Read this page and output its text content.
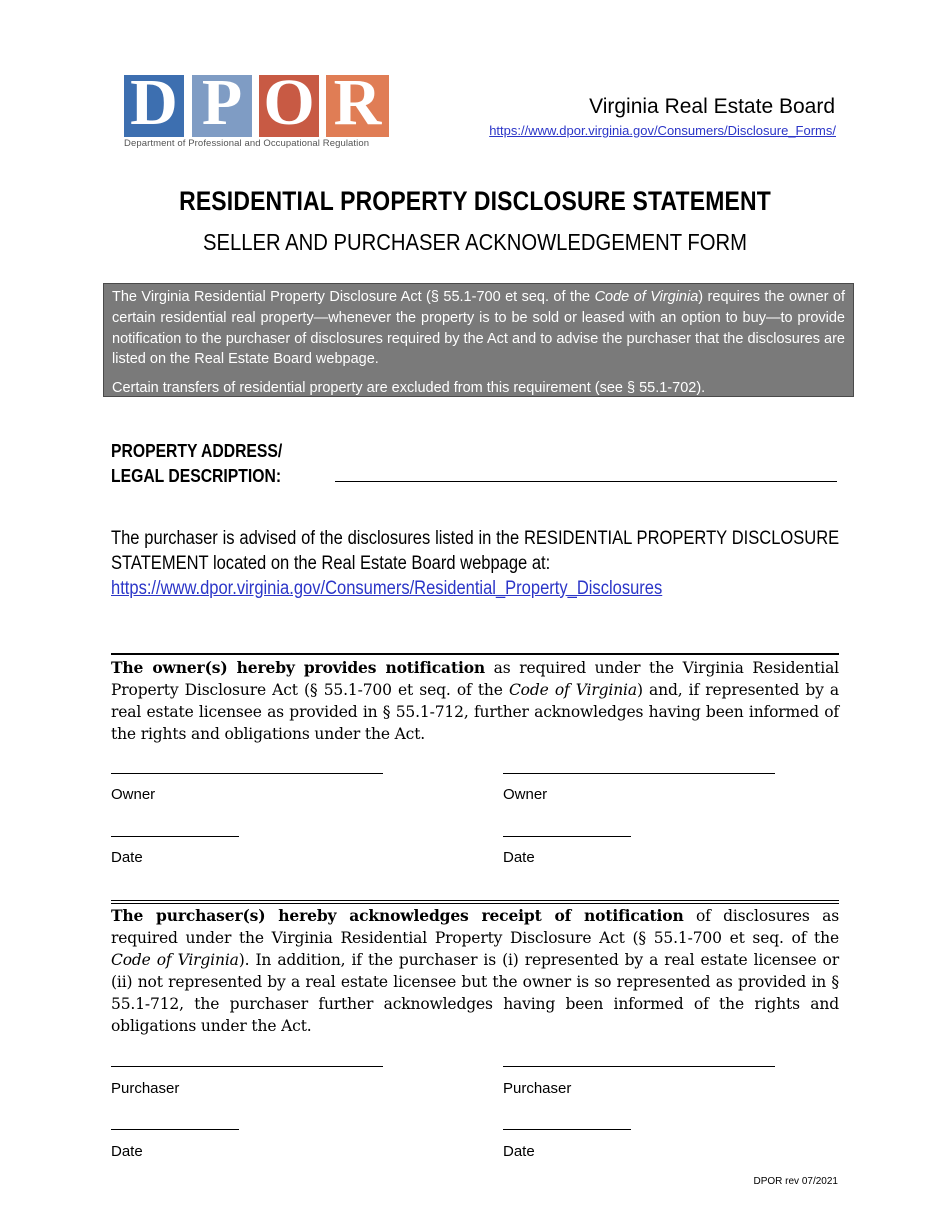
D P O R
Department of Professional and Occupational Regulation
Virginia Real Estate Board
https://www.dpor.virginia.gov/Consumers/Disclosure_Forms/
RESIDENTIAL PROPERTY DISCLOSURE STATEMENT
SELLER AND PURCHASER ACKNOWLEDGEMENT FORM

The Virginia Residential Property Disclosure Act (§ 55.1-700 et seq. of the Code of Virginia) requires the owner of certain residential real property—whenever the property is to be sold or leased with an option to buy—to provide notification to the purchaser of disclosures required by the Act and to advise the purchaser that the disclosures are listed on the Real Estate Board webpage.

Certain transfers of residential property are excluded from this requirement (see § 55.1-702).

PROPERTY ADDRESS/
LEGAL DESCRIPTION:
The purchaser is advised of the disclosures listed in the RESIDENTIAL PROPERTY DISCLOSURE STATEMENT located on the Real Estate Board webpage at:
https://www.dpor.virginia.gov/Consumers/Residential_Property_Disclosures
The owner(s) hereby provides notification as required under the Virginia Residential Property Disclosure Act (§ 55.1-700 et seq. of the Code of Virginia) and, if represented by a real estate licensee as provided in § 55.1-712, further acknowledges having been informed of the rights and obligations under the Act.
Owner	Owner
Date	Date
The purchaser(s) hereby acknowledges receipt of notification of disclosures as required under the Virginia Residential Property Disclosure Act (§ 55.1-700 et seq. of the Code of Virginia). In addition, if the purchaser is (i) represented by a real estate licensee or (ii) not represented by a real estate licensee but the owner is so represented as provided in § 55.1-712, the purchaser further acknowledges having been informed of the rights and obligations under the Act.
Purchaser	Purchaser
Date	Date
DPOR rev 07/2021
